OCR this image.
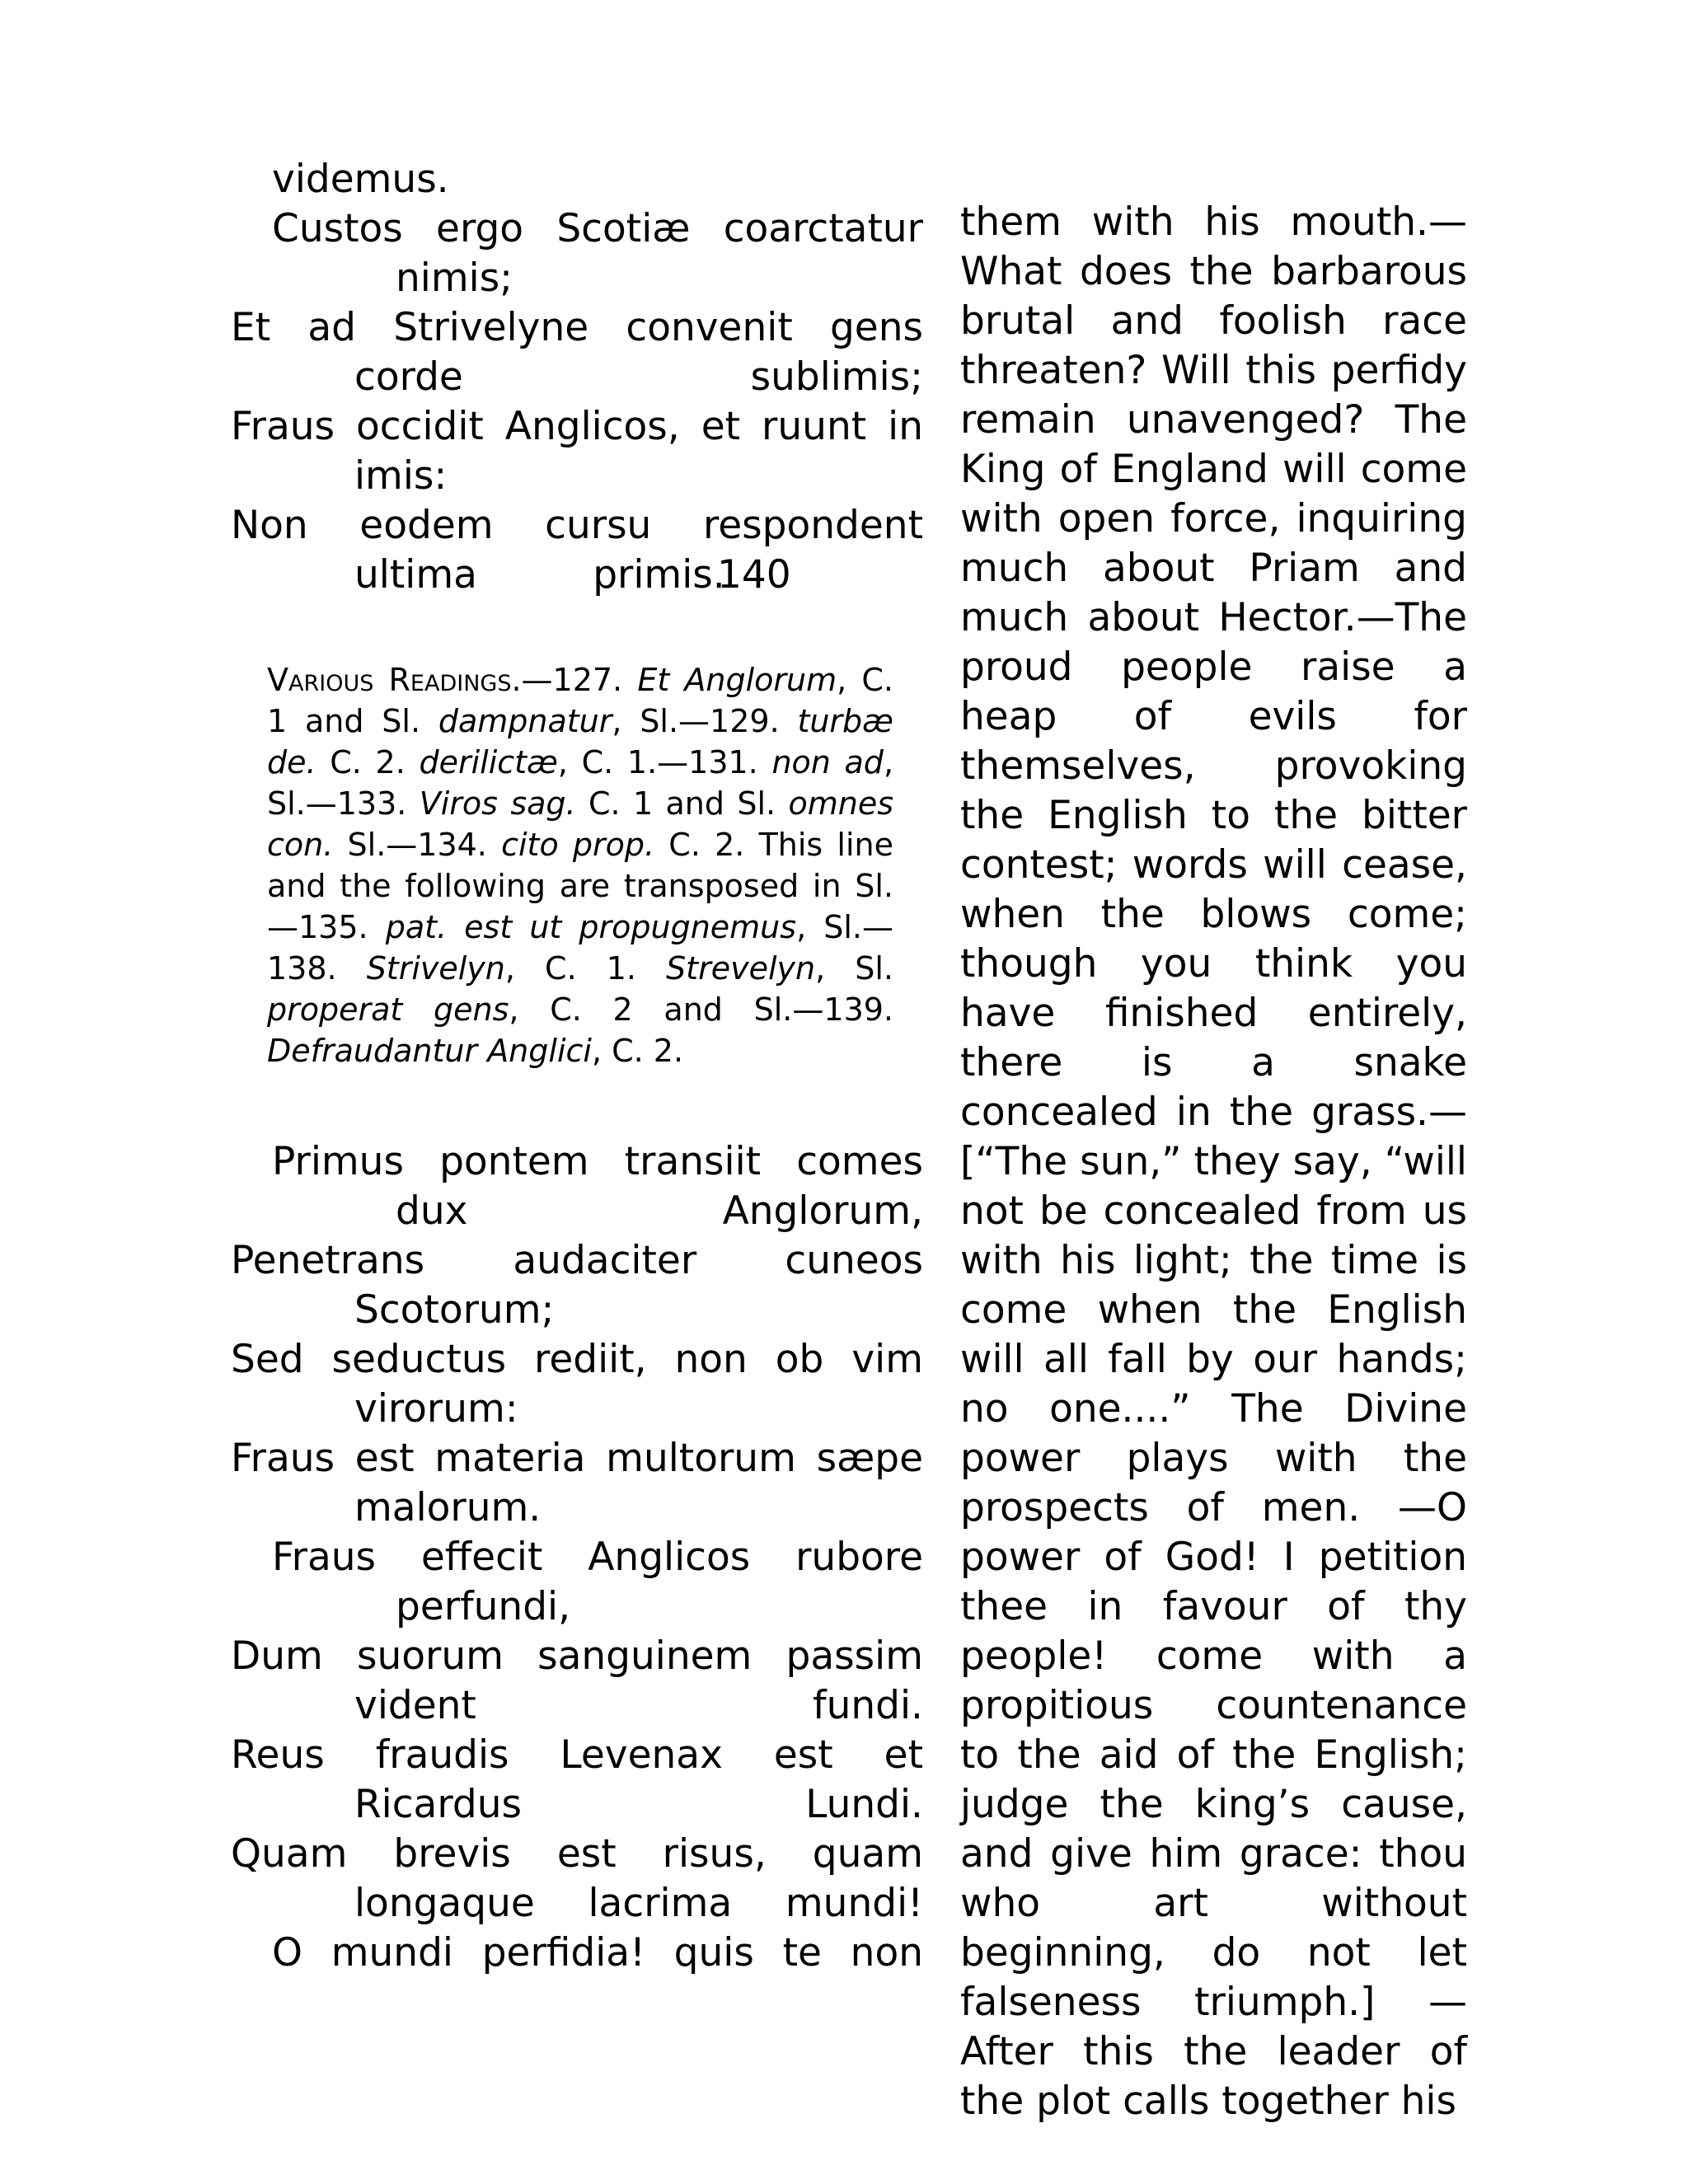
videmus.

Custos ergo Scotiæ coarctatur nimis;

Et ad Strivelyne convenit gens corde sublimis;

Fraus occidit Anglicos, et ruunt in imis:

Non eodem cursu respondent ultima primis. 140

Various Readings.—127. Et Anglorum, C. 1 and Sl. dampnatur, Sl.—129. turbæ de. C. 2. derilictæ, C. 1.—131. non ad, Sl.—133. Viros sag. C. 1 and Sl. omnes con. Sl.—134. cito prop. C. 2. This line and the following are transposed in Sl.—135. pat. est ut propugnemus, Sl.—138. Strivelyn, C. 1. Strevelyn, Sl. properat gens, C. 2 and Sl.—139. Defraudantur Anglici, C. 2.

Primus pontem transiit comes dux Anglorum,

Penetrans audaciter cuneos Scotorum;

Sed seductus rediit, non ob vim virorum:

Fraus est materia multorum sæpe malorum.

Fraus effecit Anglicos rubore perfundi,

Dum suorum sanguinem passim vident fundi.

Reus fraudis Levenax est et Ricardus Lundi.

Quam brevis est risus, quam longaque lacrima mundi!

O mundi perfidia! quis te non

them with his mouth.—What does the barbarous brutal and foolish race threaten? Will this perfidy remain unavenged? The King of England will come with open force, inquiring much about Priam and much about Hector.—The proud people raise a heap of evils for themselves, provoking the English to the bitter contest; words will cease, when the blows come; though you think you have finished entirely, there is a snake concealed in the grass.—[“The sun,” they say, “will not be concealed from us with his light; the time is come when the English will all fall by our hands; no one....” The Divine power plays with the prospects of men. —O power of God! I petition thee in favour of thy people! come with a propitious countenance to the aid of the English; judge the king’s cause, and give him grace: thou who art without beginning, do not let falseness triumph.] —After this the leader of the plot calls together his
